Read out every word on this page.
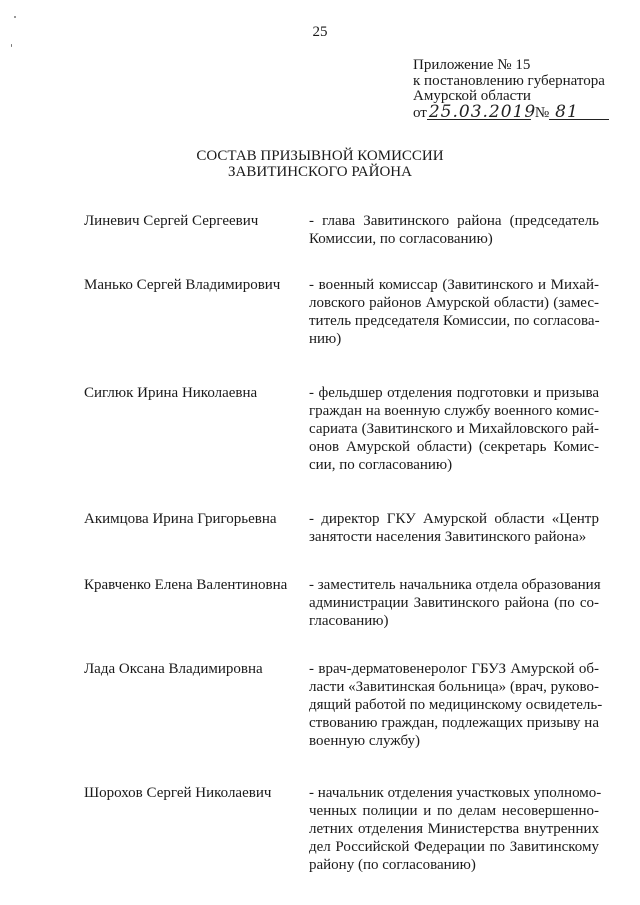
25
Приложение № 15
к постановлению губернатора
Амурской области
от 25.03.2019
№ 81
СОСТАВ ПРИЗЫВНОЙ КОМИССИИ
ЗАВИТИНСКОГО РАЙОНА
Линевич Сергей Сергеевич	- глава Завитинского района (председатель
Комиссии, по согласованию)
Манько Сергей Владимирович	- военный комиссар (Завитинского и Михай-
ловского районов Амурской области) (замес-
титель председателя Комиссии, по согласова-
нию)
Сиглюк Ирина Николаевна	- фельдшер отделения подготовки и призыва
граждан на военную службу военного комис-
сариата (Завитинского и Михайловского рай-
онов Амурской области) (секретарь Комис-
сии, по согласованию)
Акимцова Ирина Григорьевна	- директор ГКУ Амурской области «Центр
занятости населения Завитинского района»
Кравченко Елена Валентиновна	- заместитель начальника отдела образования
администрации Завитинского района (по со-
гласованию)
Лада Оксана Владимировна	- врач-дерматовенеролог ГБУЗ Амурской об-
ласти «Завитинская больница» (врач, руково-
дящий работой по медицинскому освидетель-
ствованию граждан, подлежащих призыву на
военную службу)
Шорохов Сергей Николаевич	- начальник отделения участковых уполномо-
ченных полиции и по делам несовершенно-
летних отделения Министерства внутренних
дел Российской Федерации по Завитинскому
району (по согласованию)
